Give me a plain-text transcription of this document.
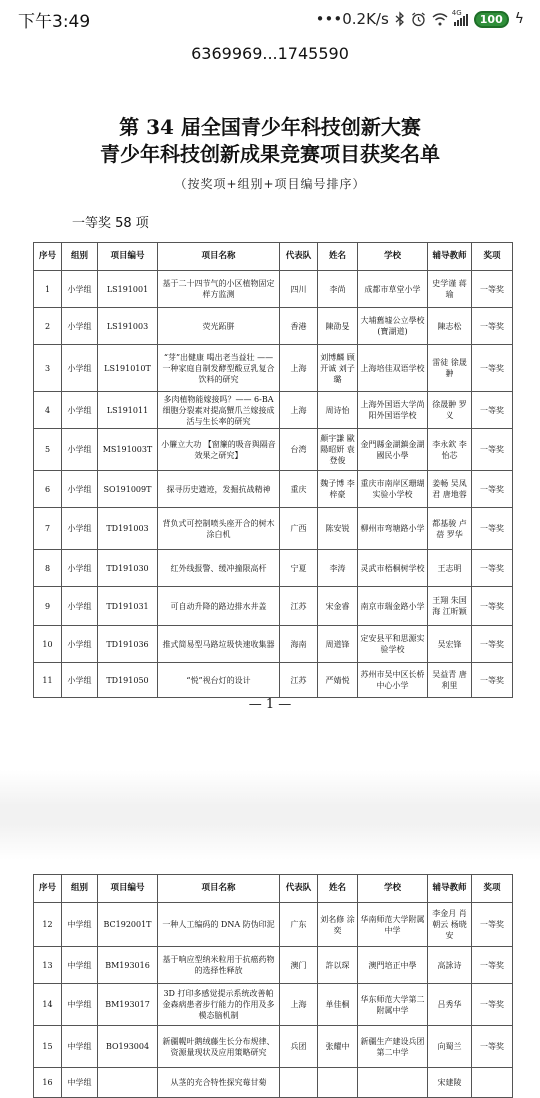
下午3:49	•••0.2K/s	4G	100 ϟ
6369969...1745590
第 34 届全国青少年科技创新大赛
青少年科技创新成果竞赛项目获奖名单
（按奖项+组别+项目编号排序）
一等奖 58 项
序号	组别	项目编号	项目名称	代表队	姓名	学校	辅导教师	奖项
1	小学组	LS191001	基于二十四节气的小区植物固定样方监测	四川	李尚	成都市草堂小学	史学谨 蒋瑜	一等奖
2	小学组	LS191003	荧光跖胼	香港	陳劭旻	大埔舊墟公立學校(寶湖道)	陳志松	一等奖
3	小学组	LS191010T	“芽”出健康 喝出老当益壮 —— 一种家庭自制发酵型酸豆乳复合饮料的研究	上海	刘博麟 顾开诚 刘子璐	上海培佳双语学校	雷徒 徐晟翀	一等奖
4	小学组	LS191011	多肉植物能嫁接吗？—— 6-BA 细胞分裂素对提高蟹爪兰嫁接成活与生长率的研究	上海	周诗怡	上海外国语大学尚阳外国语学校	徐晟翀 罗义	一等奖
5	小学组	MS191003T	小簾立大功 【窗簾的吸音與隔音效果之研究】	台湾	顏宇謙 歐陽昭妍 袁登俊	金門縣金湖鎮金湖國民小學	李永欽 李怡芯	一等奖
6	小学组	SO191009T	探寻历史遗迹，发掘抗战精神	重庆	魏子博 李梓豪	重庆市南岸区珊瑚实验小学校	姜畅 吴凤君 唐地蓉	一等奖
7	小学组	TD191003	背负式可控制喷头座开合的树木涂白机	广西	陈安锐	柳州市弯塘路小学	都基骏 卢蓓 罗华	一等奖
8	小学组	TD191030	红外线报警、缓冲撞限高杆	宁夏	李涛	灵武市梧桐树学校	王志明	一等奖
9	小学组	TD191031	可自动升降的路边排水井盖	江苏	宋金睿	南京市瑞金路小学	王翔 朱国海 江昕颖	一等奖
10	小学组	TD191036	推式简易型马路垃圾快速收集器	海南	周道锋	定安县平和思源实验学校	吴宏锋	一等奖
11	小学组	TD191050	“悦”视台灯的设计	江苏	严婧悦	苏州市吴中区长桥中心小学	吴益青 唐利里	一等奖
— 1 —
序号	组别	项目编号	项目名称	代表队	姓名	学校	辅导教师	奖项
12	中学组	BC192001T	一种人工编码的 DNA 防伪印泥	广东	刘名修 涂奕	华南师范大学附属中学	李金月 肖朝云 杨晓安	一等奖
13	中学组	BM193016	基于响应型纳米粒用于抗癌药物的选择性释放	澳门	許以琛	澳門培正中學	高詠诗	一等奖
14	中学组	BM193017	3D 打印多感觉提示系统改善帕金森病患者步行能力的作用及多模态脑机制	上海	单佳桐	华东师范大学第二附属中学	吕秀华	一等奖
15	中学组	BO193004	新疆幌叶鹅绒藤生长分布规律、资源量现状及应用策略研究	兵团	张耀中	新疆生产建设兵团第二中学	向蜀兰	一等奖
16	中学组		从茎的充合特性探究莓甘菊				宋建陵	
